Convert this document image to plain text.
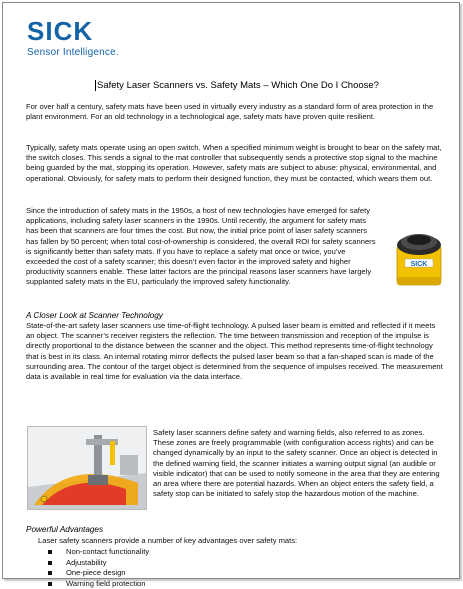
SICK
Sensor Intelligence.
Safety Laser Scanners vs. Safety Mats – Which One Do I Choose?

For over half a century, safety mats have been used in virtually every industry as a standard form of area protection in the plant environment. For an old technology in a technological age, safety mats have proven quite resilient.

Typically, safety mats operate using an open switch. When a specified minimum weight is brought to bear on the safety mat, the switch closes. This sends a signal to the mat controller that subsequently sends a protective stop signal to the machine being guarded by the mat, stopping its operation. However, safety mats are subject to abuse: physical, environmental, and operational. Obviously, for safety mats to perform their designed function, they must be contacted, which wears them out.

Since the introduction of safety mats in the 1950s, a host of new technologies have emerged for safety applications, including safety laser scanners in the 1990s. Until recently, the argument for safety mats has been that scanners are four times the cost. But now, the initial price point of laser safety scanners has fallen by 50 percent; when total cost-of-ownership is considered, the overall ROI for safety scanners is significantly better than safety mats. If you have to replace a safety mat once or twice, you’ve exceeded the cost of a safety scanner; this doesn’t even factor in the improved safety and higher productivity scanners enable. These latter factors are the principal reasons laser scanners have largely supplanted safety mats in the EU, particularly the improved safety functionality.

SICK
A Closer Look at Scanner Technology

State-of-the-art safety laser scanners use time-of-flight technology. A pulsed laser beam is emitted and reflected if it meets an object. The scanner’s receiver registers the reflection. The time between transmission and reception of the impulse is directly proportional to the distance between the scanner and the object. This method represents time-of-flight technology that is best in its class. An internal rotating mirror deflects the pulsed laser beam so that a fan-shaped scan is made of the surrounding area. The contour of the target object is determined from the sequence of impulses received. The measurement data is available in real time for evaluation via the data interface.

Safety laser scanners define safety and warning fields, also referred to as zones. These zones are freely programmable (with configuration access rights) and can be changed dynamically by an input to the safety scanner. Once an object is detected in the defined warning field, the scanner initiates a warning output signal (an audible or visible indicator) that can be used to notify someone in the area that they are entering an area where there are potential hazards. When an object enters the safety field, a safety stop can be initiated to safely stop the hazardous motion of the machine.

Powerful Advantages

Laser safety scanners provide a number of key advantages over safety mats:

Non-contact functionality
Adjustability
One-piece design
Warning field protection
